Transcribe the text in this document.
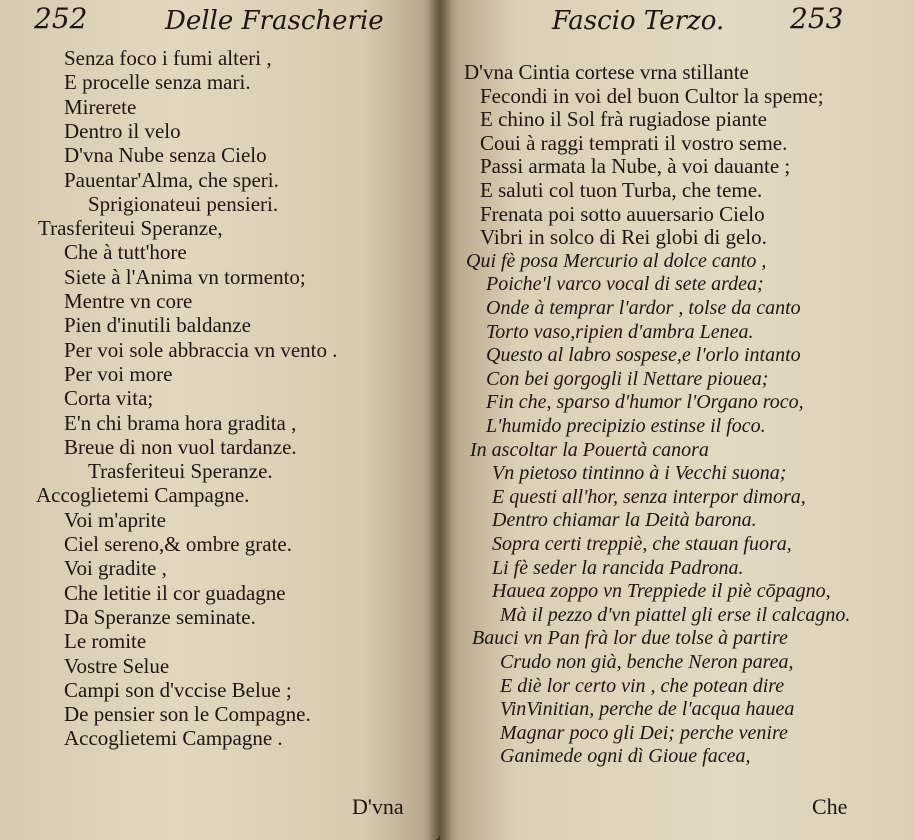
252	Delle Frascherie
Senza foco i fumi alteri ,
E procelle senza mari.
Mirerete
Dentro il velo
D'vna Nube senza Cielo
Pauentar'Alma, che speri.
Sprigionateui pensieri.
Trasferiteui Speranze,
Che à tutt'hore
Siete à l'Anima vn tormento;
Mentre vn core
Pien d'inutili baldanze
Per voi sole abbraccia vn vento .
Per voi more
Corta vita;
E'n chi brama hora gradita ,
Breue di non vuol tardanze.
Trasferiteui Speranze.
Accoglietemi Campagne.
Voi m'aprite
Ciel sereno,& ombre grate.
Voi gradite ,
Che letitie il cor guadagne
Da Speranze seminate.
Le romite
Vostre Selue
Campi son d'vccise Belue ;
De pensier son le Compagne.
Accoglietemi Campagne .
D'vna
Fascio Terzo. 253
D'vna Cintia cortese vrna stillante
Fecondi in voi del buon Cultor la speme;
E chino il Sol frà rugiadose piante
Coui à raggi temprati il vostro seme.
Passi armata la Nube, à voi dauante ;
E saluti col tuon Turba, che teme.
Frenata poi sotto auuersario Cielo
Vibri in solco di Rei globi di gelo.
Qui fè posa Mercurio al dolce canto ,
Poiche'l varco vocal di sete ardea;
Onde à temprar l'ardor , tolse da canto
Torto vaso,ripien d'ambra Lenea.
Questo al labro sospese,e l'orlo intanto
Con bei gorgogli il Nettare piouea;
Fin che, sparso d'humor l'Organo roco,
L'humido precipizio estinse il foco.
In ascoltar la Pouertà canora
Vn pietoso tintinno à i Vecchi suona;
E questi all'hor, senza interpor dimora,
Dentro chiamar la Deità barona.
Sopra certi treppiè, che stauan fuora,
Li fè seder la rancida Padrona.
Hauea zoppo vn Treppiede il piè cōpagno,
Mà il pezzo d'vn piattel gli erse il calcagno.
Bauci vn Pan frà lor due tolse à partire
Crudo non già, benche Neron parea,
E diè lor certo vin , che potean dire
VinVinitian, perche de l'acqua hauea
Magnar poco gli Dei; perche venire
Ganimede ogni dì Gioue facea,
Che
